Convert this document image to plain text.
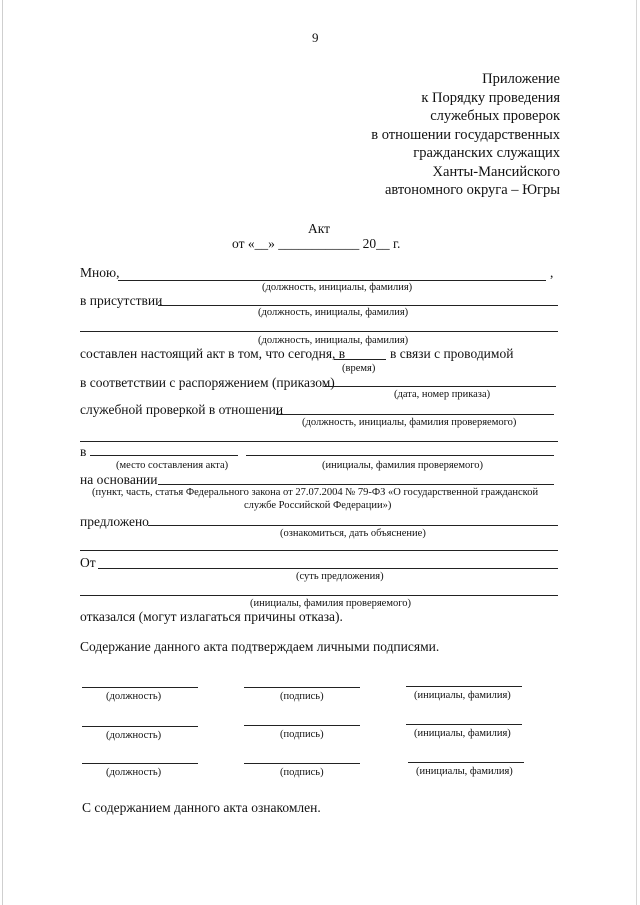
9
Приложение
к Порядку проведения
служебных проверок
в отношении государственных
гражданских служащих
Ханты-Мансийского
автономного округа – Югры
Акт
от «__» ____________ 20__ г.
Мною,	,
(должность, инициалы, фамилия)
в присутствии
(должность, инициалы, фамилия)
(должность, инициалы, фамилия)
составлен настоящий акт в том, что сегодня, в	в связи с проводимой
(время)
в соответствии с распоряжением (приказом)
(дата, номер приказа)
служебной проверкой в отношении
(должность, инициалы, фамилия проверяемого)
в
(место составления акта)	(инициалы, фамилия проверяемого)
на основании
(пункт, часть, статья Федерального закона от 27.07.2004 № 79-ФЗ «О государственной гражданской
службе Российской Федерации»)
предложено
(ознакомиться, дать объяснение)
От
(суть предложения)
(инициалы, фамилия проверяемого)
отказался (могут излагаться причины отказа).
Содержание данного акта подтверждаем личными подписями.
(должность)	(подпись)	(инициалы, фамилия)
(должность)	(подпись)	(инициалы, фамилия)
(должность)	(подпись)	(инициалы, фамилия)
С содержанием данного акта ознакомлен.
